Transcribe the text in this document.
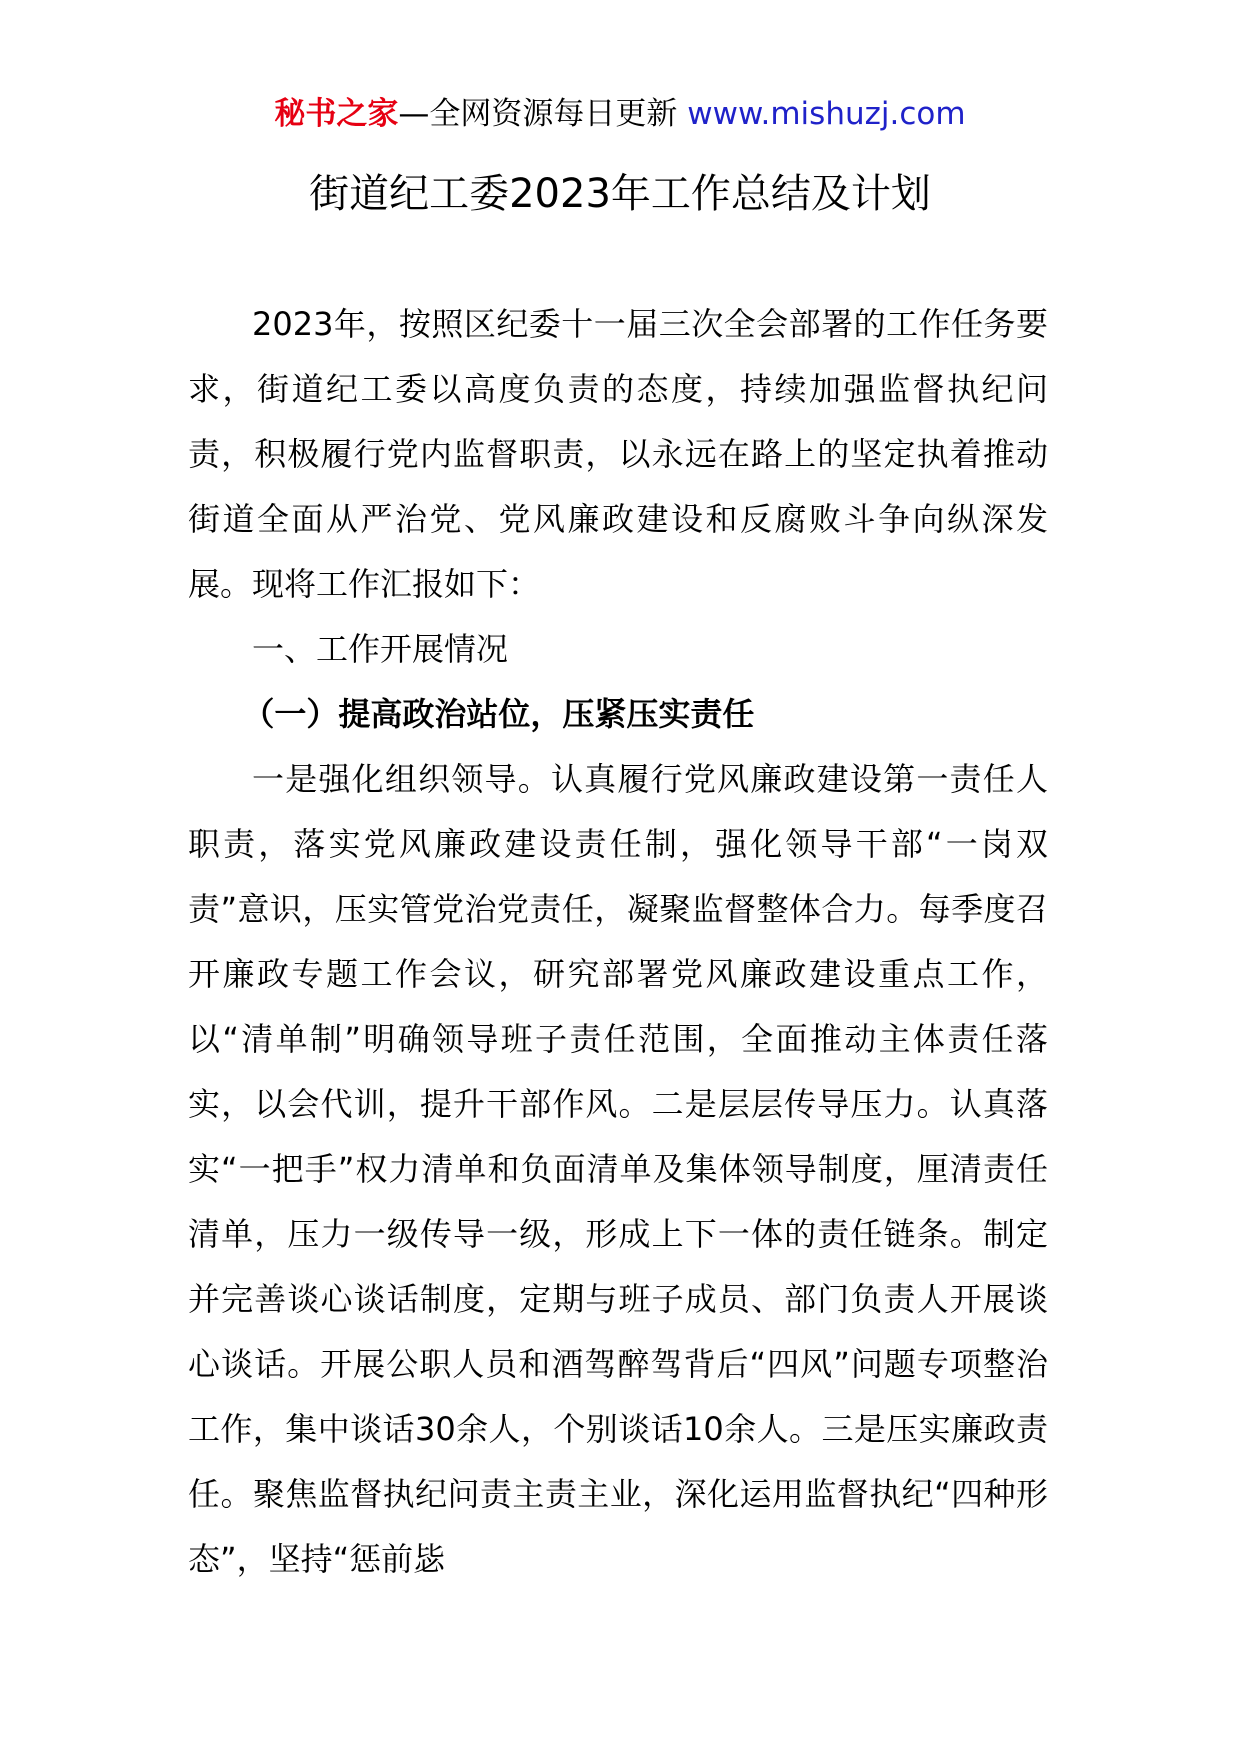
秘书之家—全网资源每日更新 www.mishuzj.com
街道纪工委2023年工作总结及计划

2023年，按照区纪委十一届三次全会部署的工作任务要求，街道纪工委以高度负责的态度，持续加强监督执纪问责，积极履行党内监督职责，以永远在路上的坚定执着推动街道全面从严治党、党风廉政建设和反腐败斗争向纵深发展。现将工作汇报如下：

一、工作开展情况

（一）提高政治站位，压紧压实责任

一是强化组织领导。认真履行党风廉政建设第一责任人职责，落实党风廉政建设责任制，强化领导干部“一岗双责”意识，压实管党治党责任，凝聚监督整体合力。每季度召开廉政专题工作会议，研究部署党风廉政建设重点工作，以“清单制”明确领导班子责任范围，全面推动主体责任落实，以会代训，提升干部作风。二是层层传导压力。认真落实“一把手”权力清单和负面清单及集体领导制度，厘清责任清单，压力一级传导一级，形成上下一体的责任链条。制定并完善谈心谈话制度，定期与班子成员、部门负责人开展谈心谈话。开展公职人员和酒驾醉驾背后“四风”问题专项整治工作，集中谈话30余人，个别谈话10余人。三是压实廉政责任。聚焦监督执纪问责主责主业，深化运用监督执纪“四种形态”，坚持“惩前毖
